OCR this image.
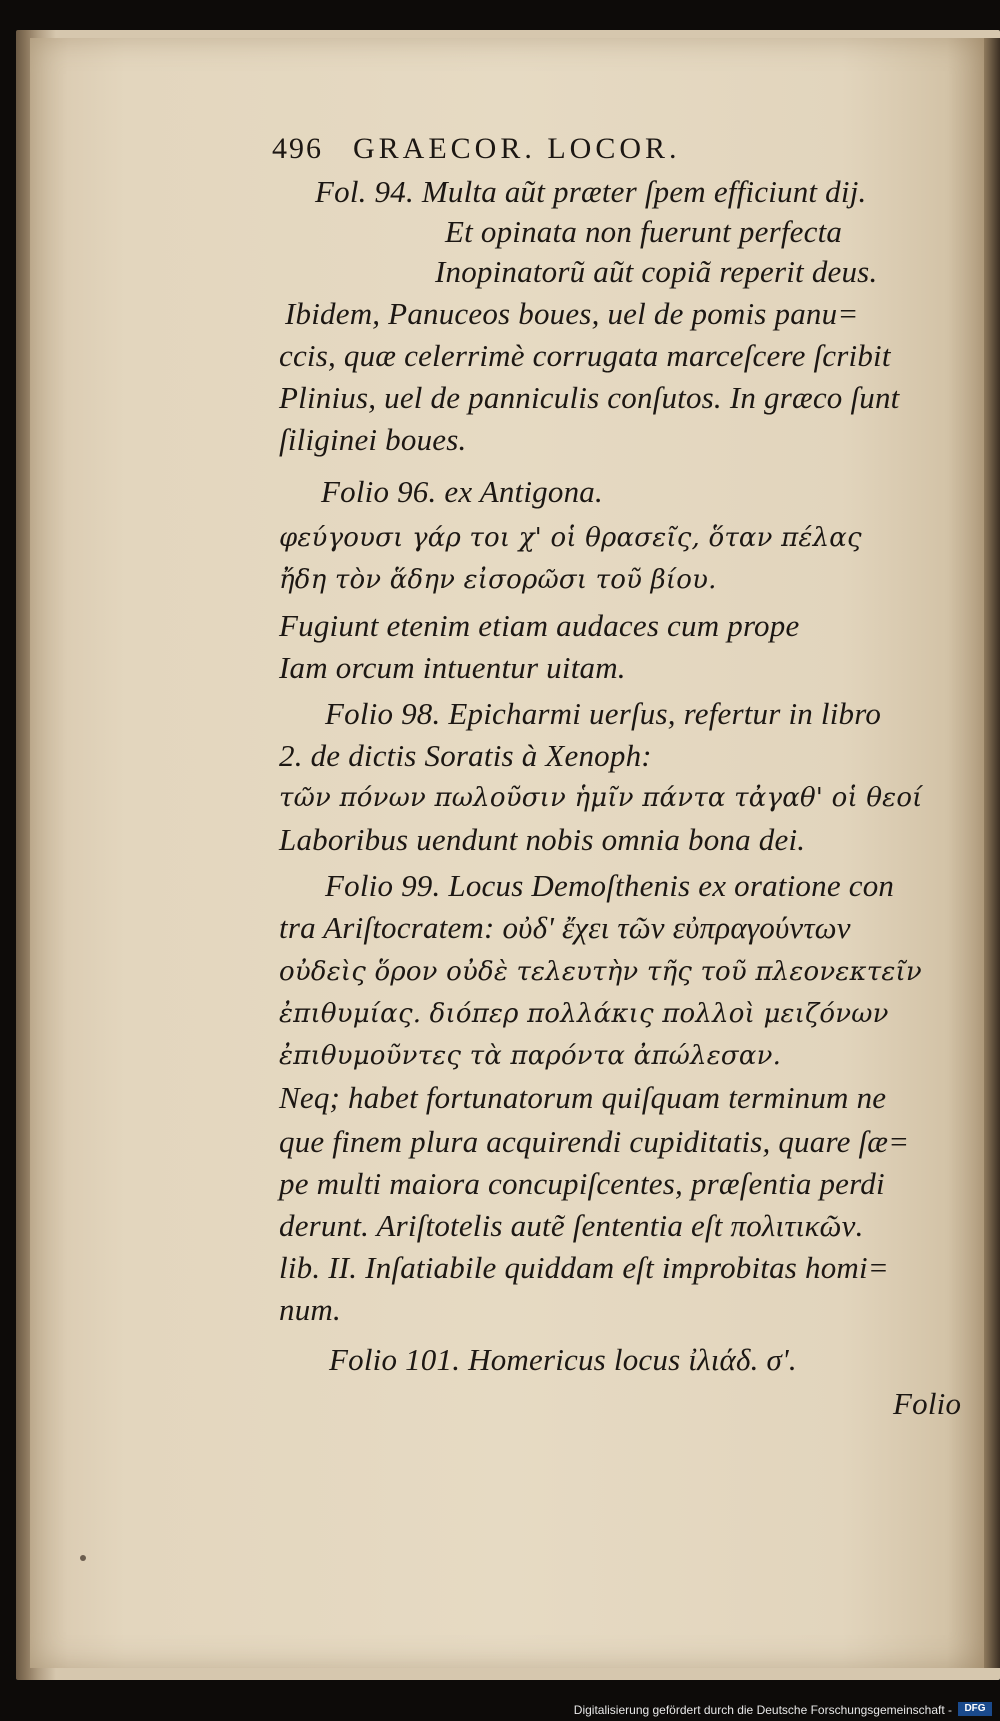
496 GRAECOR. LOCOR.
Fol. 94. Multa aũt præter ſpem efficiunt dij.
Et opinata non fuerunt perfecta
Inopinatorũ aũt copiã reperit deus.
Ibidem, Panuceos boues, uel de pomis panu=
ccis, quæ celerrimè corrugata marceſcere ſcribit
Plinius, uel de panniculis conſutos. In græco ſunt
ſiliginei boues.
Folio 96. ex Antigona.
φεύγουσι γάρ τοι χ' οἱ θρασεῖς, ὅταν πέλας
ἤδη τὸν ἅδην εἰσορῶσι τοῦ βίου.
Fugiunt etenim etiam audaces cum prope
Iam orcum intuentur uitam.
Folio 98. Epicharmi uerſus, refertur in libro
2. de dictis Soratis à Xenoph:
τῶν πόνων πωλοῦσιν ἡμῖν πάντα τἀγαθ' οἱ θεοί
Laboribus uendunt nobis omnia bona dei.
Folio 99. Locus Demoſthenis ex oratione con
tra Ariſtocratem: οὐδ' ἔχει τῶν εὐπραγούντων
οὐδεὶς ὅρον οὐδὲ τελευτὴν τῆς τοῦ πλεονεκτεῖν
ἐπιθυμίας. διόπερ πολλάκις πολλοὶ μειζόνων
ἐπιθυμοῦντες τὰ παρόντα ἀπώλεσαν.
Neq; habet fortunatorum quiſquam terminum ne
que finem plura acquirendi cupiditatis, quare ſæ=
pe multi maiora concupiſcentes, præſentia perdi
derunt. Ariſtotelis autẽ ſententia eſt πολιτικῶν.
lib. II. Inſatiabile quiddam eſt improbitas homi=
num.
Folio 101. Homericus locus ἰλιάδ. σ'.
Folio
Digitalisierung gefördert durch die Deutsche Forschungsgemeinschaft -	DFG
